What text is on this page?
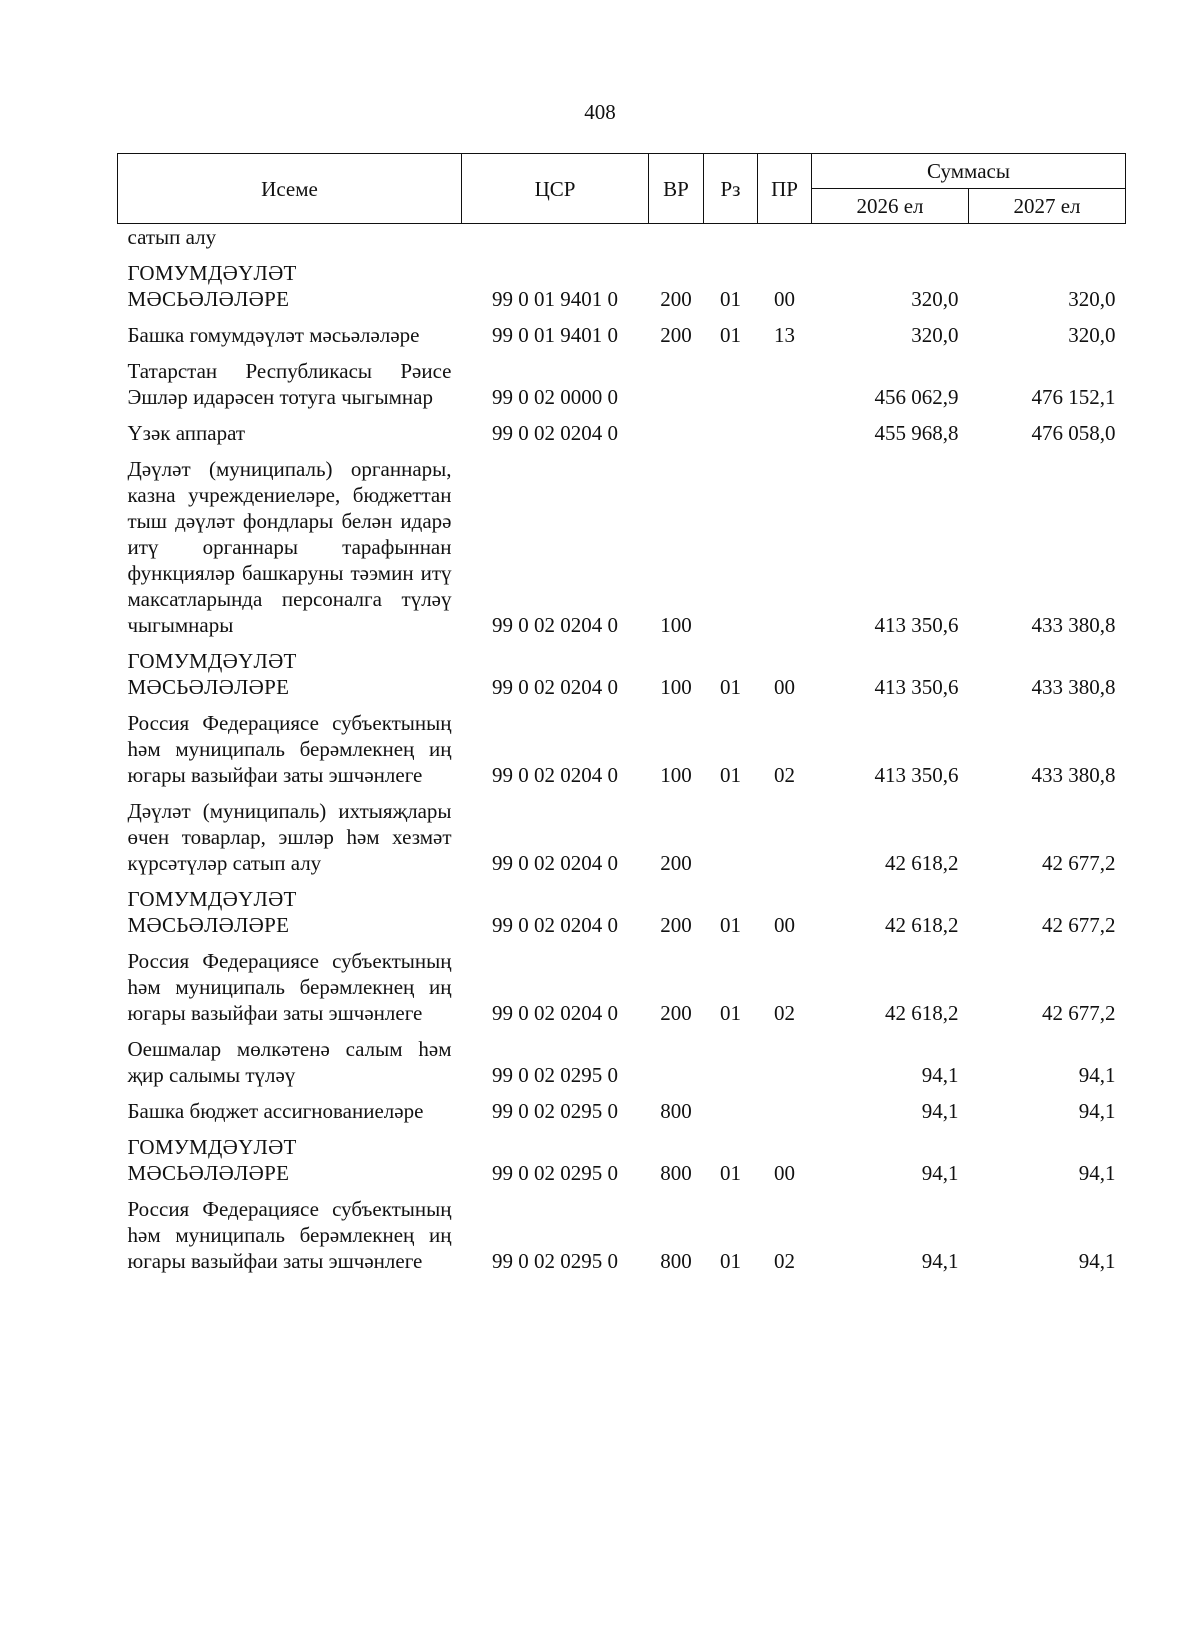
408
Исеме	ЦСР	ВР	Рз	ПР	Суммасы	
					2026 ел	2027 ел
сатып алу						
ГОМУМДӘҮЛӘТ МӘСЬӘЛӘЛӘРЕ	99 0 01 9401 0	200	01	00	320,0	320,0
Башка гомумдәүләт мәсьәләләре	99 0 01 9401 0	200	01	13	320,0	320,0
Татарстан Республикасы Рәисе Эшләр идарәсен тотуга чыгымнар	99 0 02 0000 0				456 062,9	476 152,1
Үзәк аппарат	99 0 02 0204 0				455 968,8	476 058,0
Дәүләт (муниципаль) органнары, казна учреждениеләре, бюджеттан тыш дәүләт фондлары белән идарә итү органнары тарафыннан функцияләр башкаруны тәэмин итү максатларында персоналга түләү чыгымнары	99 0 02 0204 0	100			413 350,6	433 380,8
ГОМУМДӘҮЛӘТ МӘСЬӘЛӘЛӘРЕ	99 0 02 0204 0	100	01	00	413 350,6	433 380,8
Россия Федерациясе субъектының һәм муниципаль берәмлекнең иң югары вазыйфаи заты эшчәнлеге	99 0 02 0204 0	100	01	02	413 350,6	433 380,8
Дәүләт (муниципаль) ихтыяҗлары өчен товарлар, эшләр һәм хезмәт күрсәтүләр сатып алу	99 0 02 0204 0	200			42 618,2	42 677,2
ГОМУМДӘҮЛӘТ МӘСЬӘЛӘЛӘРЕ	99 0 02 0204 0	200	01	00	42 618,2	42 677,2
Россия Федерациясе субъектының һәм муниципаль берәмлекнең иң югары вазыйфаи заты эшчәнлеге	99 0 02 0204 0	200	01	02	42 618,2	42 677,2
Оешмалар мөлкәтенә салым һәм җир салымы түләү	99 0 02 0295 0				94,1	94,1
Башка бюджет ассигнованиеләре	99 0 02 0295 0	800			94,1	94,1
ГОМУМДӘҮЛӘТ МӘСЬӘЛӘЛӘРЕ	99 0 02 0295 0	800	01	00	94,1	94,1
Россия Федерациясе субъектының һәм муниципаль берәмлекнең иң югары вазыйфаи заты эшчәнлеге	99 0 02 0295 0	800	01	02	94,1	94,1
